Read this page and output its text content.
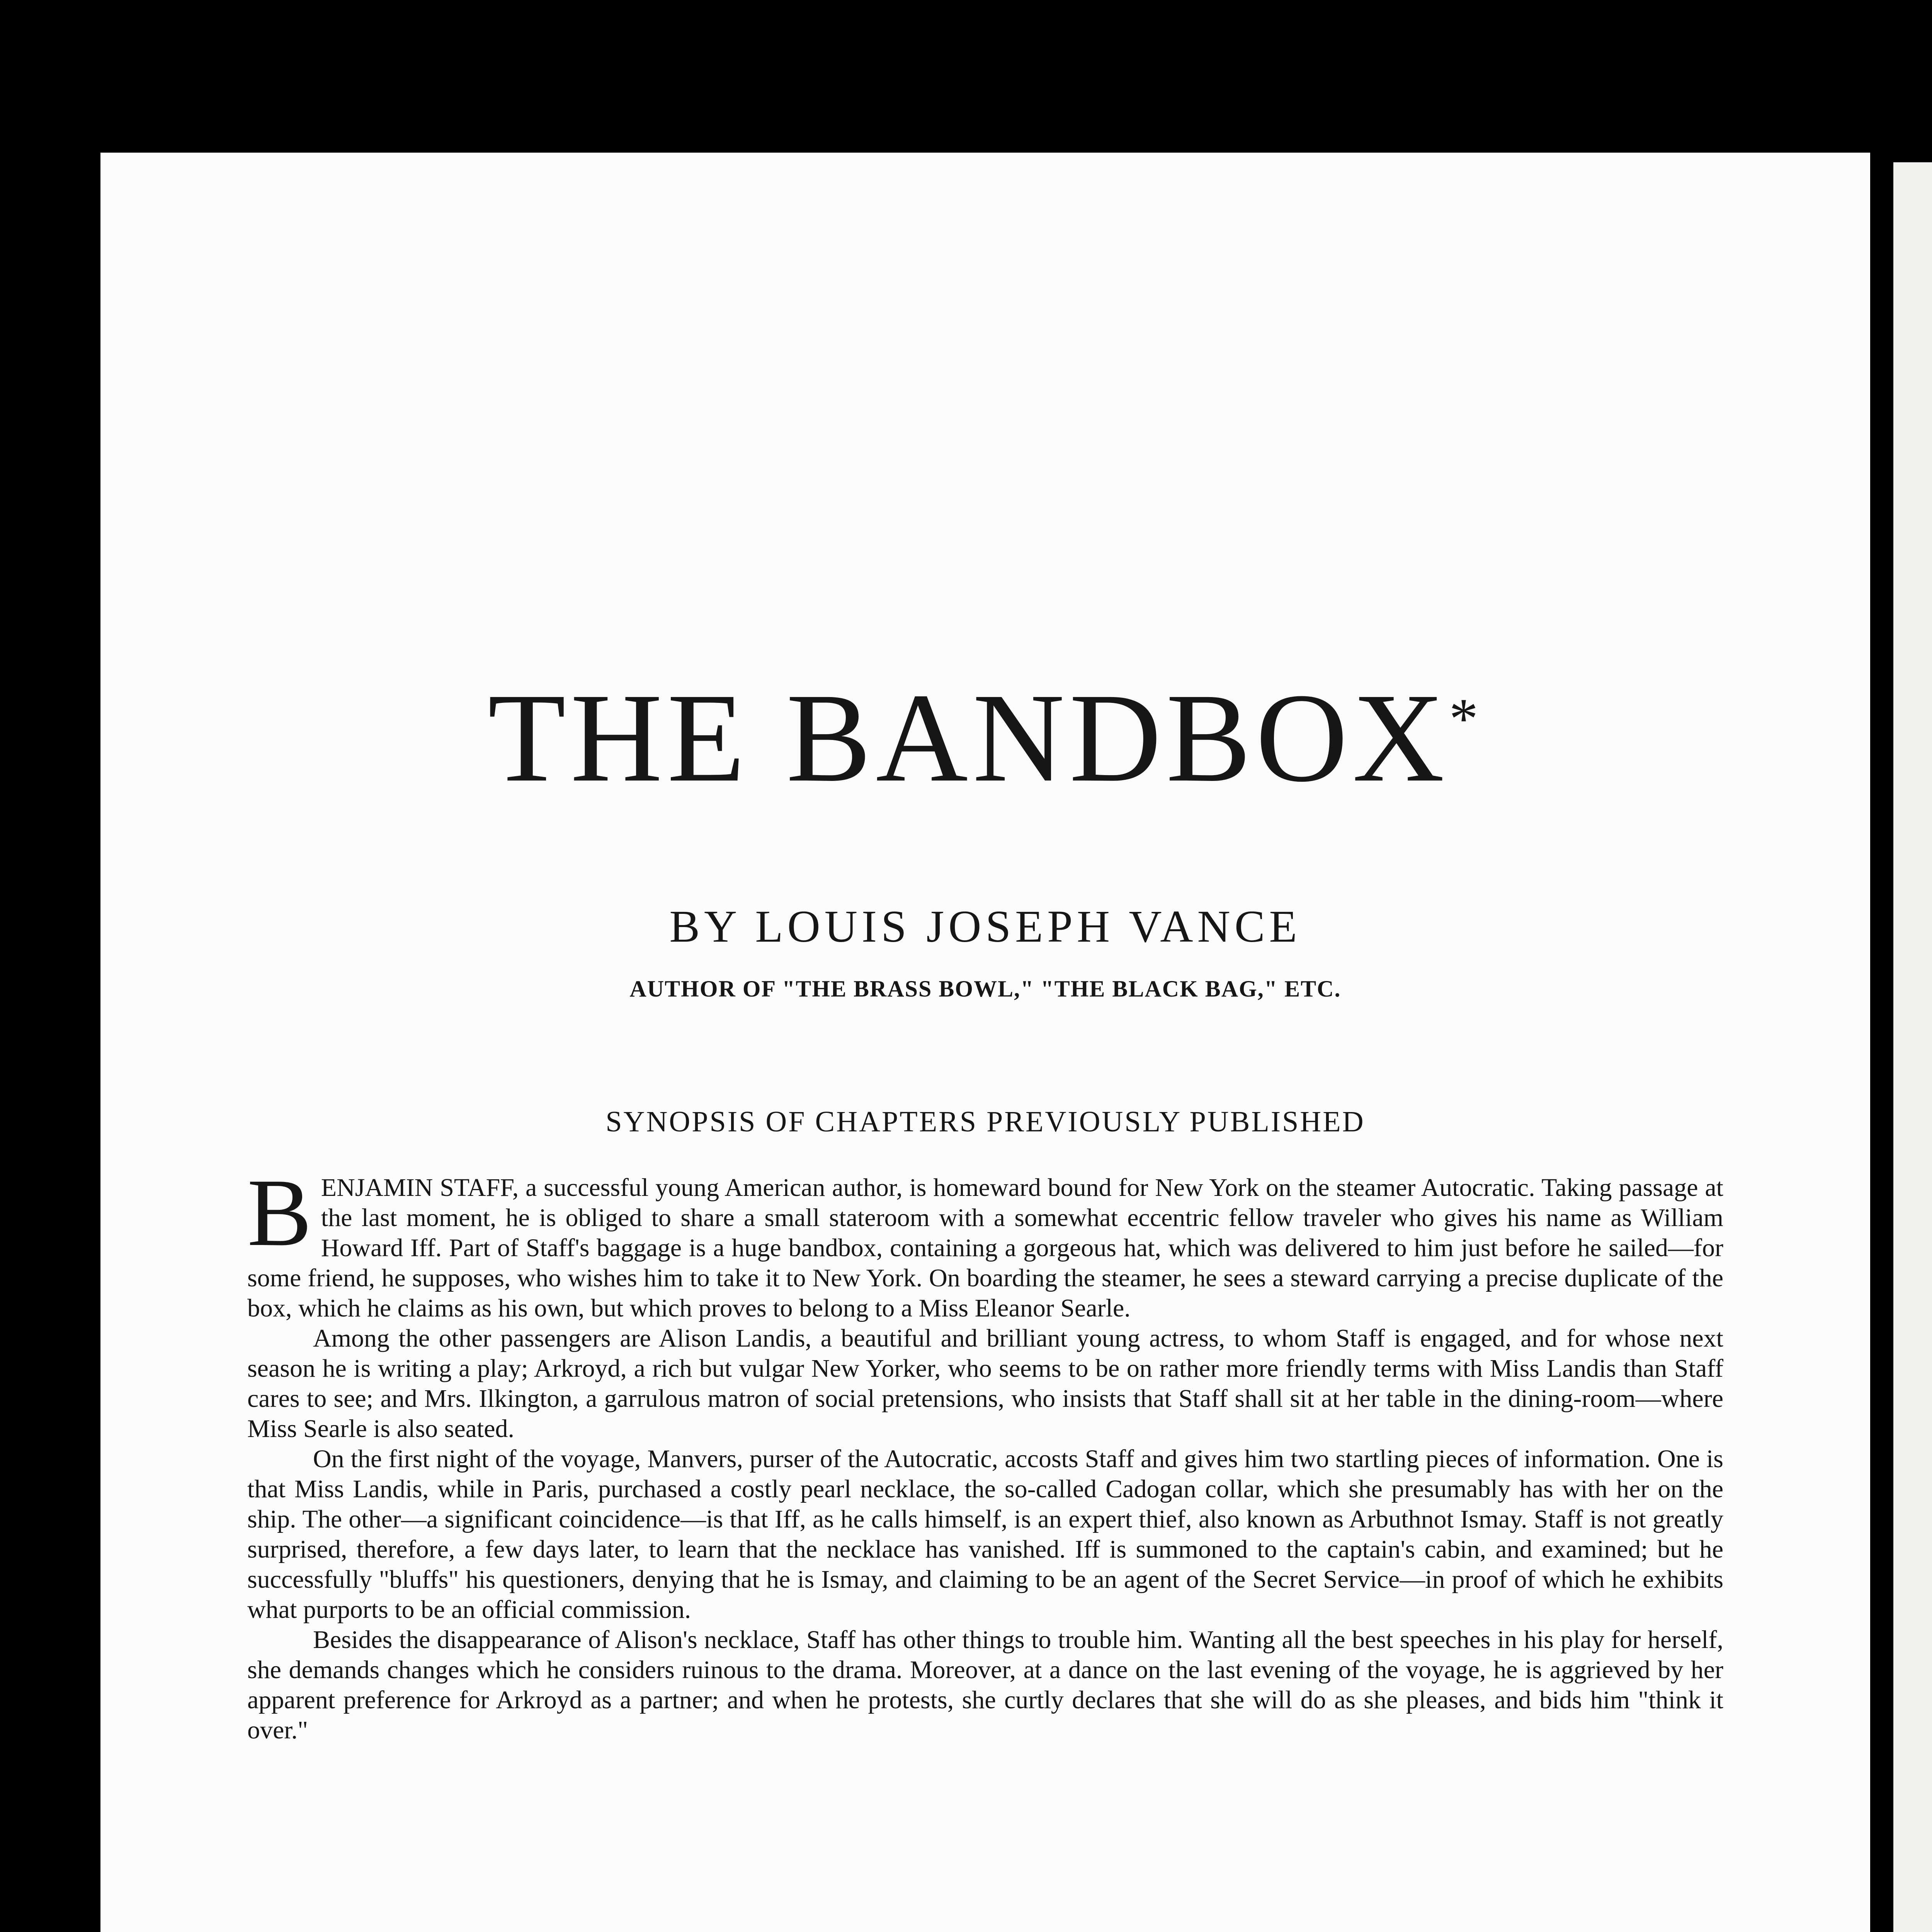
THE BANDBOX*
BY LOUIS JOSEPH VANCE
AUTHOR OF "THE BRASS BOWL," "THE BLACK BAG," ETC.
SYNOPSIS OF CHAPTERS PREVIOUSLY PUBLISHED

BENJAMIN STAFF, a successful young American author, is homeward bound for New York on the steamer Autocratic. Taking passage at the last moment, he is obliged to share a small stateroom with a somewhat eccentric fellow traveler who gives his name as William Howard Iff. Part of Staff's baggage is a huge bandbox, containing a gorgeous hat, which was delivered to him just before he sailed—for some friend, he supposes, who wishes him to take it to New York. On boarding the steamer, he sees a steward carrying a precise duplicate of the box, which he claims as his own, but which proves to belong to a Miss Eleanor Searle.

Among the other passengers are Alison Landis, a beautiful and brilliant young actress, to whom Staff is engaged, and for whose next season he is writing a play; Arkroyd, a rich but vulgar New Yorker, who seems to be on rather more friendly terms with Miss Landis than Staff cares to see; and Mrs. Ilkington, a garrulous matron of social pretensions, who insists that Staff shall sit at her table in the dining-room—where Miss Searle is also seated.

On the first night of the voyage, Manvers, purser of the Autocratic, accosts Staff and gives him two startling pieces of information. One is that Miss Landis, while in Paris, purchased a costly pearl necklace, the so-called Cadogan collar, which she presumably has with her on the ship. The other—a significant coincidence—is that Iff, as he calls himself, is an expert thief, also known as Arbuthnot Ismay. Staff is not greatly surprised, therefore, a few days later, to learn that the necklace has vanished. Iff is summoned to the captain's cabin, and examined; but he successfully "bluffs" his questioners, denying that he is Ismay, and claiming to be an agent of the Secret Service—in proof of which he exhibits what purports to be an official commission.

Besides the disappearance of Alison's necklace, Staff has other things to trouble him. Wanting all the best speeches in his play for herself, she demands changes which he considers ruinous to the drama. Moreover, at a dance on the last evening of the voyage, he is aggrieved by her apparent preference for Arkroyd as a partner; and when he protests, she curtly declares that she will do as she pleases, and bids him "think it over."
